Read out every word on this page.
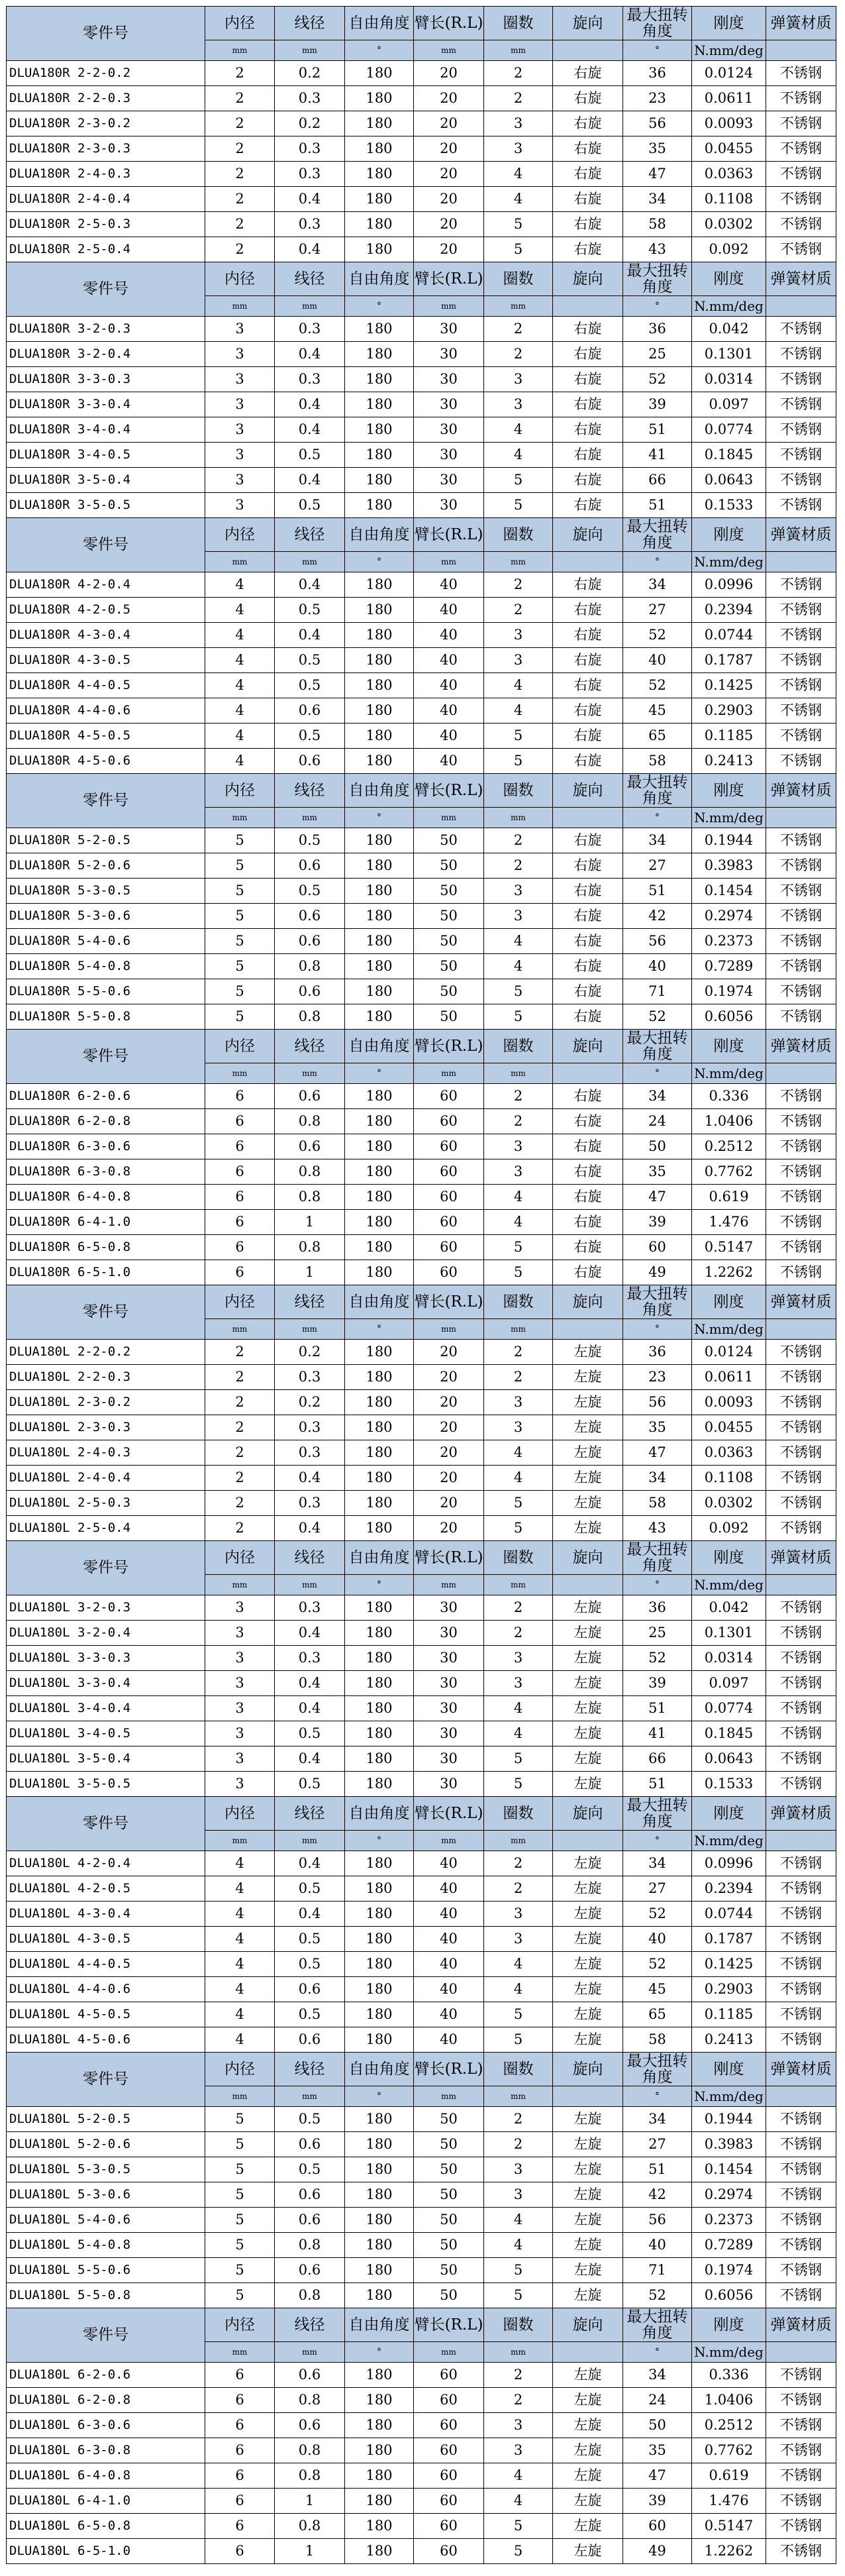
零件号	内径	线径	自由角度	臂长(R.L)	圈数	旋向	最大扭转角度	刚度	弹簧材质
	mm	mm	°	mm	mm		°	N.mm/deg	
DLUA180R 2-2-0.2	2	0.2	180	20	2	右旋	36	0.0124	不锈钢
DLUA180R 2-2-0.3	2	0.3	180	20	2	右旋	23	0.0611	不锈钢
DLUA180R 2-3-0.2	2	0.2	180	20	3	右旋	56	0.0093	不锈钢
DLUA180R 2-3-0.3	2	0.3	180	20	3	右旋	35	0.0455	不锈钢
DLUA180R 2-4-0.3	2	0.3	180	20	4	右旋	47	0.0363	不锈钢
DLUA180R 2-4-0.4	2	0.4	180	20	4	右旋	34	0.1108	不锈钢
DLUA180R 2-5-0.3	2	0.3	180	20	5	右旋	58	0.0302	不锈钢
DLUA180R 2-5-0.4	2	0.4	180	20	5	右旋	43	0.092	不锈钢
零件号	内径	线径	自由角度	臂长(R.L)	圈数	旋向	最大扭转角度	刚度	弹簧材质
	mm	mm	°	mm	mm		°	N.mm/deg	
DLUA180R 3-2-0.3	3	0.3	180	30	2	右旋	36	0.042	不锈钢
DLUA180R 3-2-0.4	3	0.4	180	30	2	右旋	25	0.1301	不锈钢
DLUA180R 3-3-0.3	3	0.3	180	30	3	右旋	52	0.0314	不锈钢
DLUA180R 3-3-0.4	3	0.4	180	30	3	右旋	39	0.097	不锈钢
DLUA180R 3-4-0.4	3	0.4	180	30	4	右旋	51	0.0774	不锈钢
DLUA180R 3-4-0.5	3	0.5	180	30	4	右旋	41	0.1845	不锈钢
DLUA180R 3-5-0.4	3	0.4	180	30	5	右旋	66	0.0643	不锈钢
DLUA180R 3-5-0.5	3	0.5	180	30	5	右旋	51	0.1533	不锈钢
零件号	内径	线径	自由角度	臂长(R.L)	圈数	旋向	最大扭转角度	刚度	弹簧材质
	mm	mm	°	mm	mm		°	N.mm/deg	
DLUA180R 4-2-0.4	4	0.4	180	40	2	右旋	34	0.0996	不锈钢
DLUA180R 4-2-0.5	4	0.5	180	40	2	右旋	27	0.2394	不锈钢
DLUA180R 4-3-0.4	4	0.4	180	40	3	右旋	52	0.0744	不锈钢
DLUA180R 4-3-0.5	4	0.5	180	40	3	右旋	40	0.1787	不锈钢
DLUA180R 4-4-0.5	4	0.5	180	40	4	右旋	52	0.1425	不锈钢
DLUA180R 4-4-0.6	4	0.6	180	40	4	右旋	45	0.2903	不锈钢
DLUA180R 4-5-0.5	4	0.5	180	40	5	右旋	65	0.1185	不锈钢
DLUA180R 4-5-0.6	4	0.6	180	40	5	右旋	58	0.2413	不锈钢
零件号	内径	线径	自由角度	臂长(R.L)	圈数	旋向	最大扭转角度	刚度	弹簧材质
	mm	mm	°	mm	mm		°	N.mm/deg	
DLUA180R 5-2-0.5	5	0.5	180	50	2	右旋	34	0.1944	不锈钢
DLUA180R 5-2-0.6	5	0.6	180	50	2	右旋	27	0.3983	不锈钢
DLUA180R 5-3-0.5	5	0.5	180	50	3	右旋	51	0.1454	不锈钢
DLUA180R 5-3-0.6	5	0.6	180	50	3	右旋	42	0.2974	不锈钢
DLUA180R 5-4-0.6	5	0.6	180	50	4	右旋	56	0.2373	不锈钢
DLUA180R 5-4-0.8	5	0.8	180	50	4	右旋	40	0.7289	不锈钢
DLUA180R 5-5-0.6	5	0.6	180	50	5	右旋	71	0.1974	不锈钢
DLUA180R 5-5-0.8	5	0.8	180	50	5	右旋	52	0.6056	不锈钢
零件号	内径	线径	自由角度	臂长(R.L)	圈数	旋向	最大扭转角度	刚度	弹簧材质
	mm	mm	°	mm	mm		°	N.mm/deg	
DLUA180R 6-2-0.6	6	0.6	180	60	2	右旋	34	0.336	不锈钢
DLUA180R 6-2-0.8	6	0.8	180	60	2	右旋	24	1.0406	不锈钢
DLUA180R 6-3-0.6	6	0.6	180	60	3	右旋	50	0.2512	不锈钢
DLUA180R 6-3-0.8	6	0.8	180	60	3	右旋	35	0.7762	不锈钢
DLUA180R 6-4-0.8	6	0.8	180	60	4	右旋	47	0.619	不锈钢
DLUA180R 6-4-1.0	6	1	180	60	4	右旋	39	1.476	不锈钢
DLUA180R 6-5-0.8	6	0.8	180	60	5	右旋	60	0.5147	不锈钢
DLUA180R 6-5-1.0	6	1	180	60	5	右旋	49	1.2262	不锈钢
零件号	内径	线径	自由角度	臂长(R.L)	圈数	旋向	最大扭转角度	刚度	弹簧材质
	mm	mm	°	mm	mm		°	N.mm/deg	
DLUA180L 2-2-0.2	2	0.2	180	20	2	左旋	36	0.0124	不锈钢
DLUA180L 2-2-0.3	2	0.3	180	20	2	左旋	23	0.0611	不锈钢
DLUA180L 2-3-0.2	2	0.2	180	20	3	左旋	56	0.0093	不锈钢
DLUA180L 2-3-0.3	2	0.3	180	20	3	左旋	35	0.0455	不锈钢
DLUA180L 2-4-0.3	2	0.3	180	20	4	左旋	47	0.0363	不锈钢
DLUA180L 2-4-0.4	2	0.4	180	20	4	左旋	34	0.1108	不锈钢
DLUA180L 2-5-0.3	2	0.3	180	20	5	左旋	58	0.0302	不锈钢
DLUA180L 2-5-0.4	2	0.4	180	20	5	左旋	43	0.092	不锈钢
零件号	内径	线径	自由角度	臂长(R.L)	圈数	旋向	最大扭转角度	刚度	弹簧材质
	mm	mm	°	mm	mm		°	N.mm/deg	
DLUA180L 3-2-0.3	3	0.3	180	30	2	左旋	36	0.042	不锈钢
DLUA180L 3-2-0.4	3	0.4	180	30	2	左旋	25	0.1301	不锈钢
DLUA180L 3-3-0.3	3	0.3	180	30	3	左旋	52	0.0314	不锈钢
DLUA180L 3-3-0.4	3	0.4	180	30	3	左旋	39	0.097	不锈钢
DLUA180L 3-4-0.4	3	0.4	180	30	4	左旋	51	0.0774	不锈钢
DLUA180L 3-4-0.5	3	0.5	180	30	4	左旋	41	0.1845	不锈钢
DLUA180L 3-5-0.4	3	0.4	180	30	5	左旋	66	0.0643	不锈钢
DLUA180L 3-5-0.5	3	0.5	180	30	5	左旋	51	0.1533	不锈钢
零件号	内径	线径	自由角度	臂长(R.L)	圈数	旋向	最大扭转角度	刚度	弹簧材质
	mm	mm	°	mm	mm		°	N.mm/deg	
DLUA180L 4-2-0.4	4	0.4	180	40	2	左旋	34	0.0996	不锈钢
DLUA180L 4-2-0.5	4	0.5	180	40	2	左旋	27	0.2394	不锈钢
DLUA180L 4-3-0.4	4	0.4	180	40	3	左旋	52	0.0744	不锈钢
DLUA180L 4-3-0.5	4	0.5	180	40	3	左旋	40	0.1787	不锈钢
DLUA180L 4-4-0.5	4	0.5	180	40	4	左旋	52	0.1425	不锈钢
DLUA180L 4-4-0.6	4	0.6	180	40	4	左旋	45	0.2903	不锈钢
DLUA180L 4-5-0.5	4	0.5	180	40	5	左旋	65	0.1185	不锈钢
DLUA180L 4-5-0.6	4	0.6	180	40	5	左旋	58	0.2413	不锈钢
零件号	内径	线径	自由角度	臂长(R.L)	圈数	旋向	最大扭转角度	刚度	弹簧材质
	mm	mm	°	mm	mm		°	N.mm/deg	
DLUA180L 5-2-0.5	5	0.5	180	50	2	左旋	34	0.1944	不锈钢
DLUA180L 5-2-0.6	5	0.6	180	50	2	左旋	27	0.3983	不锈钢
DLUA180L 5-3-0.5	5	0.5	180	50	3	左旋	51	0.1454	不锈钢
DLUA180L 5-3-0.6	5	0.6	180	50	3	左旋	42	0.2974	不锈钢
DLUA180L 5-4-0.6	5	0.6	180	50	4	左旋	56	0.2373	不锈钢
DLUA180L 5-4-0.8	5	0.8	180	50	4	左旋	40	0.7289	不锈钢
DLUA180L 5-5-0.6	5	0.6	180	50	5	左旋	71	0.1974	不锈钢
DLUA180L 5-5-0.8	5	0.8	180	50	5	左旋	52	0.6056	不锈钢
零件号	内径	线径	自由角度	臂长(R.L)	圈数	旋向	最大扭转角度	刚度	弹簧材质
	mm	mm	°	mm	mm		°	N.mm/deg	
DLUA180L 6-2-0.6	6	0.6	180	60	2	左旋	34	0.336	不锈钢
DLUA180L 6-2-0.8	6	0.8	180	60	2	左旋	24	1.0406	不锈钢
DLUA180L 6-3-0.6	6	0.6	180	60	3	左旋	50	0.2512	不锈钢
DLUA180L 6-3-0.8	6	0.8	180	60	3	左旋	35	0.7762	不锈钢
DLUA180L 6-4-0.8	6	0.8	180	60	4	左旋	47	0.619	不锈钢
DLUA180L 6-4-1.0	6	1	180	60	4	左旋	39	1.476	不锈钢
DLUA180L 6-5-0.8	6	0.8	180	60	5	左旋	60	0.5147	不锈钢
DLUA180L 6-5-1.0	6	1	180	60	5	左旋	49	1.2262	不锈钢
